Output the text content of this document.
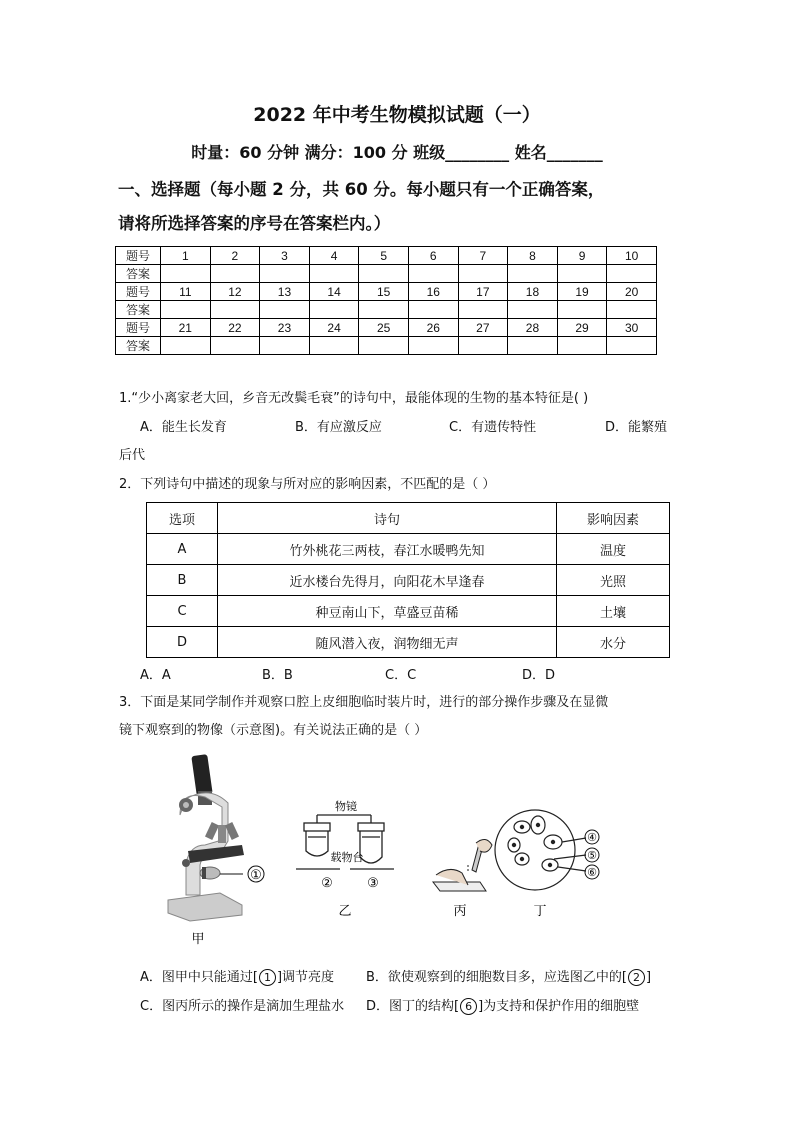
2022 年中考生物模拟试题（一）
时量：60 分钟 满分：100 分 班级________ 姓名_______
一、选择题（每小题 2 分，共 60 分。每小题只有一个正确答案，
请将所选择答案的序号在答案栏内。）
题号	1	2	3	4	5	6	7	8	9	10
答案										
题号	11	12	13	14	15	16	17	18	19	20
答案										
题号	21	22	23	24	25	26	27	28	29	30
答案										
1.“少小离家老大回，乡音无改鬓毛衰”的诗句中，最能体现的生物的基本特征是( )
A．能生长发育	B．有应激反应	C．有遗传特性	D．能繁殖
后代
2．下列诗句中描述的现象与所对应的影响因素，不匹配的是（ ）
选项	诗句	影响因素
A	竹外桃花三两枝，春江水暖鸭先知	温度
B	近水楼台先得月，向阳花木早逢春	光照
C	种豆南山下，草盛豆苗稀	土壤
D	随风潜入夜，润物细无声	水分
A．A	B．B	C．C	D．D
3．下面是某同学制作并观察口腔上皮细胞临时装片时，进行的部分操作步骤及在显微
镜下观察到的物像（示意图)。有关说法正确的是（ ）
①
甲
物镜
载物台
②	③
乙	丙
④
⑤
⑥
丁
A．图甲中只能通过[ 1 ]调节亮度 B．欲使观察到的细胞数目多，应选图乙中的[ 2 ]
C．图丙所示的操作是滴加生理盐水 D．图丁的结构[ 6 ]为支持和保护作用的细胞壁
